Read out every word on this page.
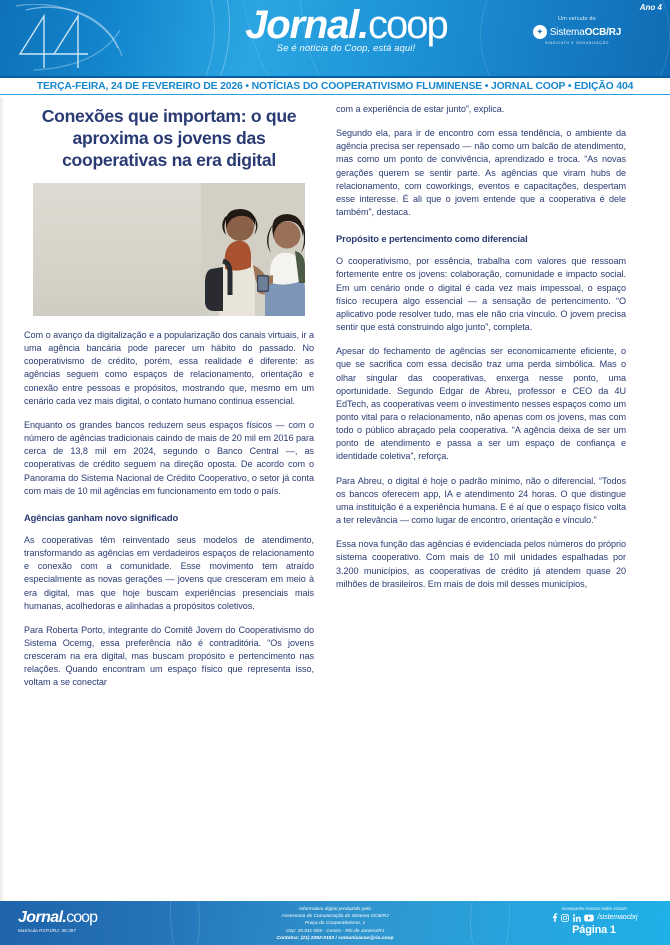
Jornal.coop
Se é notícia do Coop, está aqui!
Um veículo do
✦ SistemaOCB/RJ
SINDICATO E ORGANIZAÇÃO
Ano 4
TERÇA-FEIRA, 24 DE FEVEREIRO DE 2026 • NOTÍCIAS DO COOPERATIVISMO FLUMINENSE • JORNAL COOP • EDIÇÃO 404
Conexões que importam: o que aproxima os jovens das cooperativas na era digital

Com o avanço da digitalização e a popularização dos canais virtuais, ir a uma agência bancária pode parecer um hábito do passado. No cooperativismo de crédito, porém, essa realidade é diferente: as agências seguem como espaços de relacionamento, orientação e conexão entre pessoas e propósitos, mostrando que, mesmo em um cenário cada vez mais digital, o contato humano continua essencial.

Enquanto os grandes bancos reduzem seus espaços físicos — com o número de agências tradicionais caindo de mais de 20 mil em 2016 para cerca de 13,8 mil em 2024, segundo o Banco Central —, as cooperativas de crédito seguem na direção oposta. De acordo com o Panorama do Sistema Nacional de Crédito Cooperativo, o setor já conta com mais de 10 mil agências em funcionamento em todo o país.

Agências ganham novo significado

As cooperativas têm reinventado seus modelos de atendimento, transformando as agências em verdadeiros espaços de relacionamento e conexão com a comunidade. Esse movimento tem atraído especialmente as novas gerações — jovens que cresceram em meio à era digital, mas que hoje buscam experiências presenciais mais humanas, acolhedoras e alinhadas a propósitos coletivos.

Para Roberta Porto, integrante do Comitê Jovem do Cooperativismo do Sistema Ocemg, essa preferência não é contraditória. “Os jovens cresceram na era digital, mas buscam propósito e pertencimento nas relações. Quando encontram um espaço físico que representa isso, voltam a se conectar

com a experiência de estar junto”, explica.

Segundo ela, para ir de encontro com essa tendência, o ambiente da agência precisa ser repensado — não como um balcão de atendimento, mas como um ponto de convivência, aprendizado e troca. “As novas gerações querem se sentir parte. As agências que viram hubs de relacionamento, com coworkings, eventos e capacitações, despertam esse interesse. É ali que o jovem entende que a cooperativa é dele também”, destaca.

Propósito e pertencimento como diferencial

O cooperativismo, por essência, trabalha com valores que ressoam fortemente entre os jovens: colaboração, comunidade e impacto social. Em um cenário onde o digital é cada vez mais impessoal, o espaço físico recupera algo essencial — a sensação de pertencimento. “O aplicativo pode resolver tudo, mas ele não cria vínculo. O jovem precisa sentir que está construindo algo junto”, completa.

Apesar do fechamento de agências ser economicamente eficiente, o que se sacrifica com essa decisão traz uma perda simbólica. Mas o olhar singular das cooperativas, enxerga nesse ponto, uma oportunidade. Segundo Edgar de Abreu, professor e CEO da 4U EdTech, as cooperativas veem o investimento nesses espaços como um ponto vital para o relacionamento, não apenas com os jovens, mas com todo o público abraçado pela cooperativa. “A agência deixa de ser um ponto de atendimento e passa a ser um espaço de confiança e identidade coletiva”, reforça.

Para Abreu, o digital é hoje o padrão mínimo, não o diferencial. “Todos os bancos oferecem app, IA e atendimento 24 horas. O que distingue uma instituição é a experiência humana. E é aí que o espaço físico volta a ter relevância — como lugar de encontro, orientação e vínculo.”

Essa nova função das agências é evidenciada pelos números do próprio sistema cooperativo. Com mais de 10 mil unidades espalhadas por 3.200 municípios, as cooperativas de crédito já atendem quase 20 milhões de brasileiros. Em mais de dois mil desses municípios,

Jornal.coop
Matrícula RCPJ/RJ: 38.387
Informativo digital produzido pela
Assessoria de Comunicação do Sistema OCB/RJ
Praça do Cooperativismo, 1
Cep: 20.011-005 - Centro - Rio de Janeiro/RJ
Contatos: (21) 2252-0153 / comunicacao@rio.coop
Acompanhe nossas redes sociais
/sistemaocbrj
Página 1
